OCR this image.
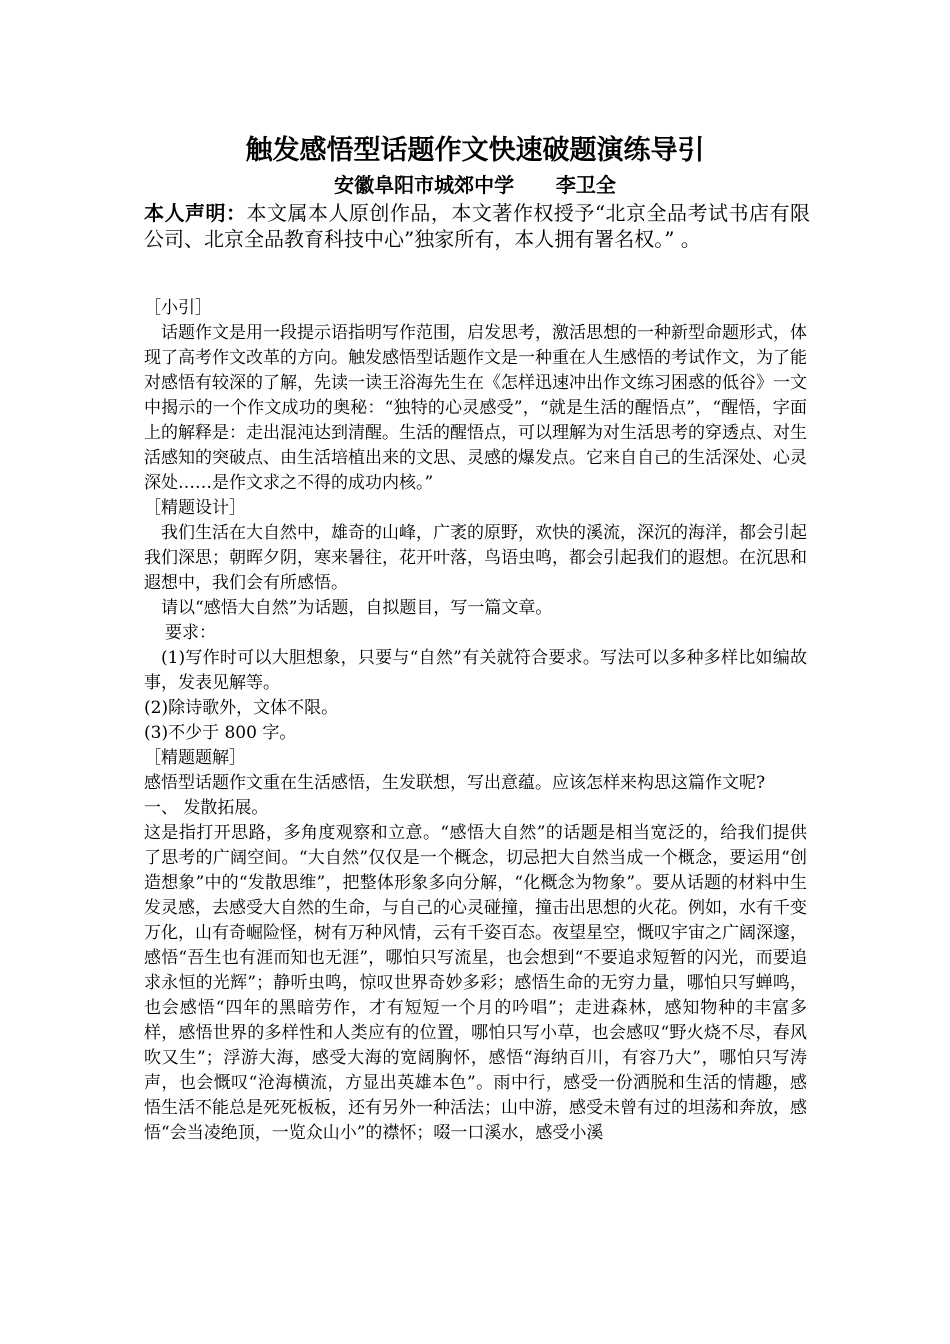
触发感悟型话题作文快速破题演练导引
安徽阜阳市城郊中学      李卫全
本人声明：本文属本人原创作品，本文著作权授予“北京全品考试书店有限公司、北京全品教育科技中心”独家所有，本人拥有署名权。” 。

［小引］

话题作文是用一段提示语指明写作范围，启发思考，激活思想的一种新型命题形式，体现了高考作文改革的方向。触发感悟型话题作文是一种重在人生感悟的考试作文，为了能对感悟有较深的了解，先读一读王浴海先生在《怎样迅速冲出作文练习困惑的低谷》一文中揭示的一个作文成功的奥秘：“独特的心灵感受”，“就是生活的醒悟点”，“醒悟，字面上的解释是：走出混沌达到清醒。生活的醒悟点，可以理解为对生活思考的穿透点、对生活感知的突破点、由生活培植出来的文思、灵感的爆发点。它来自自己的生活深处、心灵深处……是作文求之不得的成功内核。”

［精题设计］

我们生活在大自然中，雄奇的山峰，广袤的原野，欢快的溪流，深沉的海洋，都会引起我们深思；朝晖夕阴，寒来暑往，花开叶落，鸟语虫鸣，都会引起我们的遐想。在沉思和遐想中，我们会有所感悟。

请以“感悟大自然”为话题，自拟题目，写一篇文章。

要求：

(1)写作时可以大胆想象，只要与“自然”有关就符合要求。写法可以多种多样比如编故事，发表见解等。

(2)除诗歌外，文体不限。

(3)不少于 800 字。

［精题题解］

感悟型话题作文重在生活感悟，生发联想，写出意蕴。应该怎样来构思这篇作文呢?

一、 发散拓展。

这是指打开思路，多角度观察和立意。“感悟大自然”的话题是相当宽泛的，给我们提供了思考的广阔空间。“大自然”仅仅是一个概念，切忌把大自然当成一个概念，要运用“创造想象”中的“发散思维”，把整体形象多向分解，“化概念为物象”。要从话题的材料中生发灵感，去感受大自然的生命，与自己的心灵碰撞，撞击出思想的火花。例如，水有千变万化，山有奇崛险怪，树有万种风情，云有千姿百态。夜望星空，慨叹宇宙之广阔深邃，感悟“吾生也有涯而知也无涯”，哪怕只写流星，也会想到“不要追求短暂的闪光，而要追求永恒的光辉”；静听虫鸣，惊叹世界奇妙多彩；感悟生命的无穷力量，哪怕只写蝉鸣，也会感悟“四年的黑暗劳作，才有短短一个月的吟唱”；走进森林，感知物种的丰富多样，感悟世界的多样性和人类应有的位置，哪怕只写小草，也会感叹“野火烧不尽，春风吹又生”；浮游大海，感受大海的宽阔胸怀，感悟“海纳百川，有容乃大”，哪怕只写涛声，也会慨叹“沧海横流，方显出英雄本色”。雨中行，感受一份洒脱和生活的情趣，感悟生活不能总是死死板板，还有另外一种活法；山中游，感受未曾有过的坦荡和奔放，感悟“会当凌绝顶，一览众山小”的襟怀；啜一口溪水，感受小溪
